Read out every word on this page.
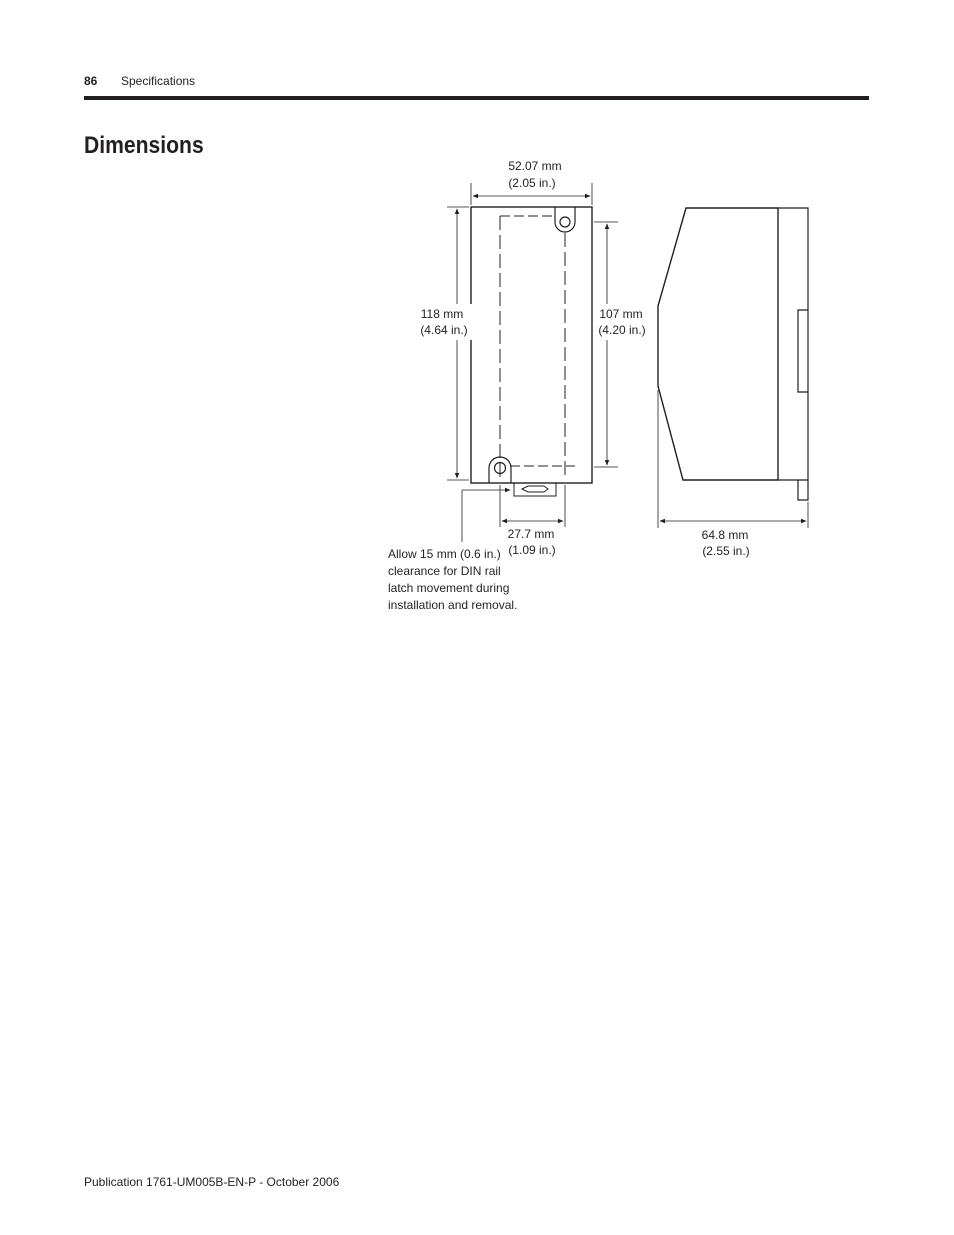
86 Specifications
Dimensions
52.07 mm
(2.05 in.)
118 mm
(4.64 in.)
107 mm
(4.20 in.)
27.7 mm
(1.09 in.)
Allow 15 mm (0.6 in.)
clearance for DIN rail
latch movement during
installation and removal.
64.8 mm
(2.55 in.)
Publication 1761-UM005B-EN-P - October 2006
